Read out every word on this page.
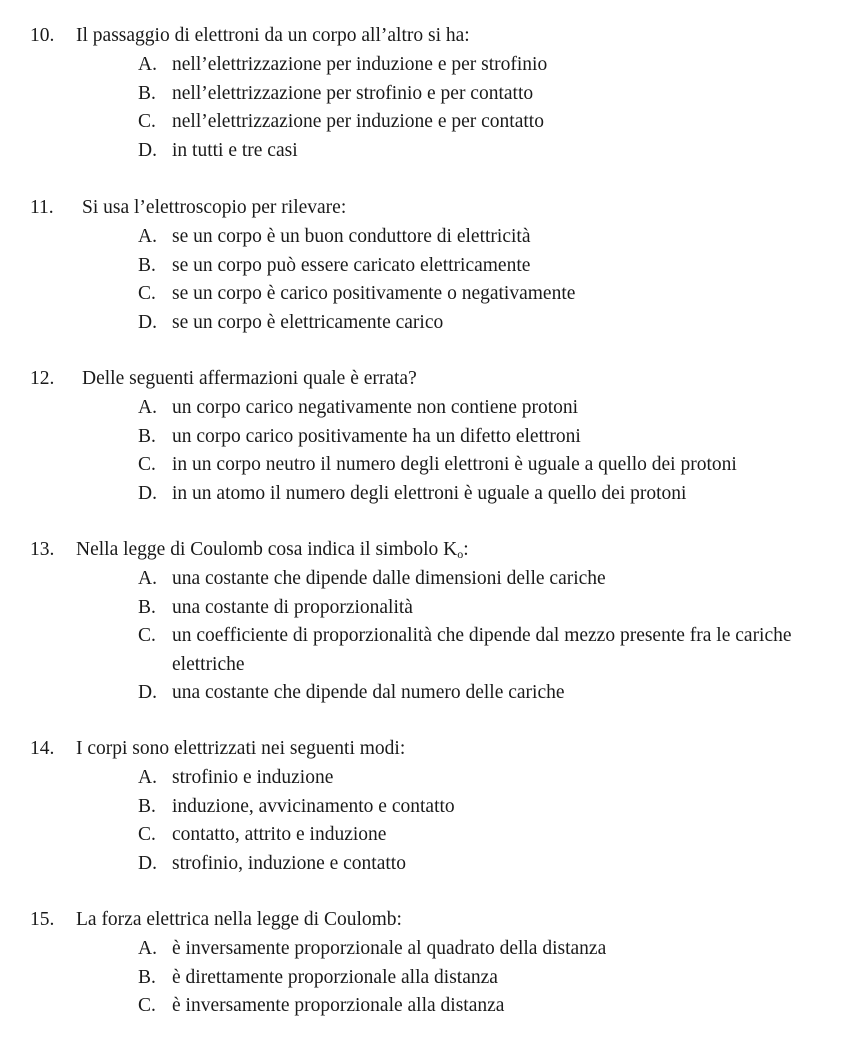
10. Il passaggio di elettroni da un corpo all’altro si ha:
A. nell’elettrizzazione per induzione e per strofinio
B. nell’elettrizzazione per strofinio e per contatto
C. nell’elettrizzazione per induzione e per contatto
D. in tutti e tre casi
11. Si usa l’elettroscopio per rilevare:
A. se un corpo è un buon conduttore di elettricità
B. se un corpo può essere caricato elettricamente
C. se un corpo è carico positivamente o negativamente
D. se un corpo è elettricamente carico
12. Delle seguenti affermazioni quale è errata?
A. un corpo carico negativamente non contiene protoni
B. un corpo carico positivamente ha un difetto elettroni
C. in un corpo neutro il numero degli elettroni è uguale a quello dei protoni
D. in un atomo il numero degli elettroni è uguale a quello dei protoni
13. Nella legge di Coulomb cosa indica il simbolo $K_o$:
A. una costante che dipende dalle dimensioni delle cariche
B. una costante di proporzionalità
C. un coefficiente di proporzionalità che dipende dal mezzo presente fra le cariche elettriche
D. una costante che dipende dal numero delle cariche
14. I corpi sono elettrizzati nei seguenti modi:
A. strofinio e induzione
B. induzione, avvicinamento e contatto
C. contatto, attrito e induzione
D. strofinio, induzione e contatto
15. La forza elettrica nella legge di Coulomb:
A. è inversamente proporzionale al quadrato della distanza
B. è direttamente proporzionale alla distanza
C. è inversamente proporzionale alla distanza
